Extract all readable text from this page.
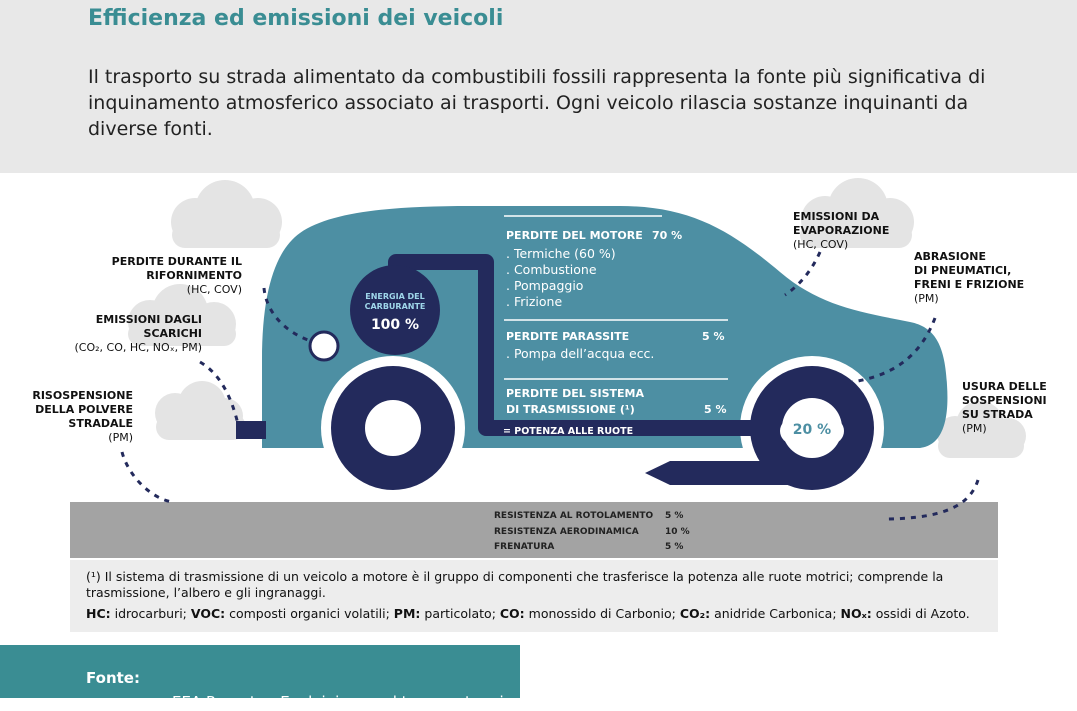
Efficienza ed emissioni dei veicoli
Il trasporto su strada alimentato da combustibili fossili rappresenta la fonte più significativa di inquinamento atmosferico associato ai trasporti. Ogni veicolo rilascia sostanze inquinanti da diverse fonti.
PERDITE DURANTE IL RIFORNIMENTO
(HC, COV)
EMISSIONI DAGLI
SCARICHI
(CO₂, CO, HC, NOₓ, PM)
RISOSPENSIONE
DELLA POLVERE
STRADALE
(PM)
EMISSIONI DA
EVAPORAZIONE
(HC, COV)
ABRASIONE
DI PNEUMATICI,
FRENI E FRIZIONE
(PM)
USURA DELLE
SOSPENSIONI
SU STRADA
(PM)
ENERGIA DEL
CARBURANTE
100 %
PERDITE DEL MOTORE 70 %
. Termiche (60 %)
. Combustione
. Pompaggio
. Frizione
PERDITE PARASSITE	5 %
. Pompa dell’acqua ecc.
PERDITE DEL SISTEMA
DI TRASMISSIONE (¹)	5 %
= POTENZA ALLE RUOTE	20 %
RESISTENZA AL ROTOLAMENTO 5 %
RESISTENZA AERODINAMICA	10 %
FRENATURA	5 %

(¹) Il sistema di trasmissione di un veicolo a motore è il gruppo di componenti che trasferisce la potenza alle ruote motrici; comprende la trasmissione, l’albero e gli ingranaggi.

HC: idrocarburi; VOC: composti organici volatili; PM: particolato; CO: monossido di Carbonio; CO₂: anidride Carbonica; NOₓ: ossidi di Azoto.

Fonte:
EEA Report — Explaining road transport emissions
